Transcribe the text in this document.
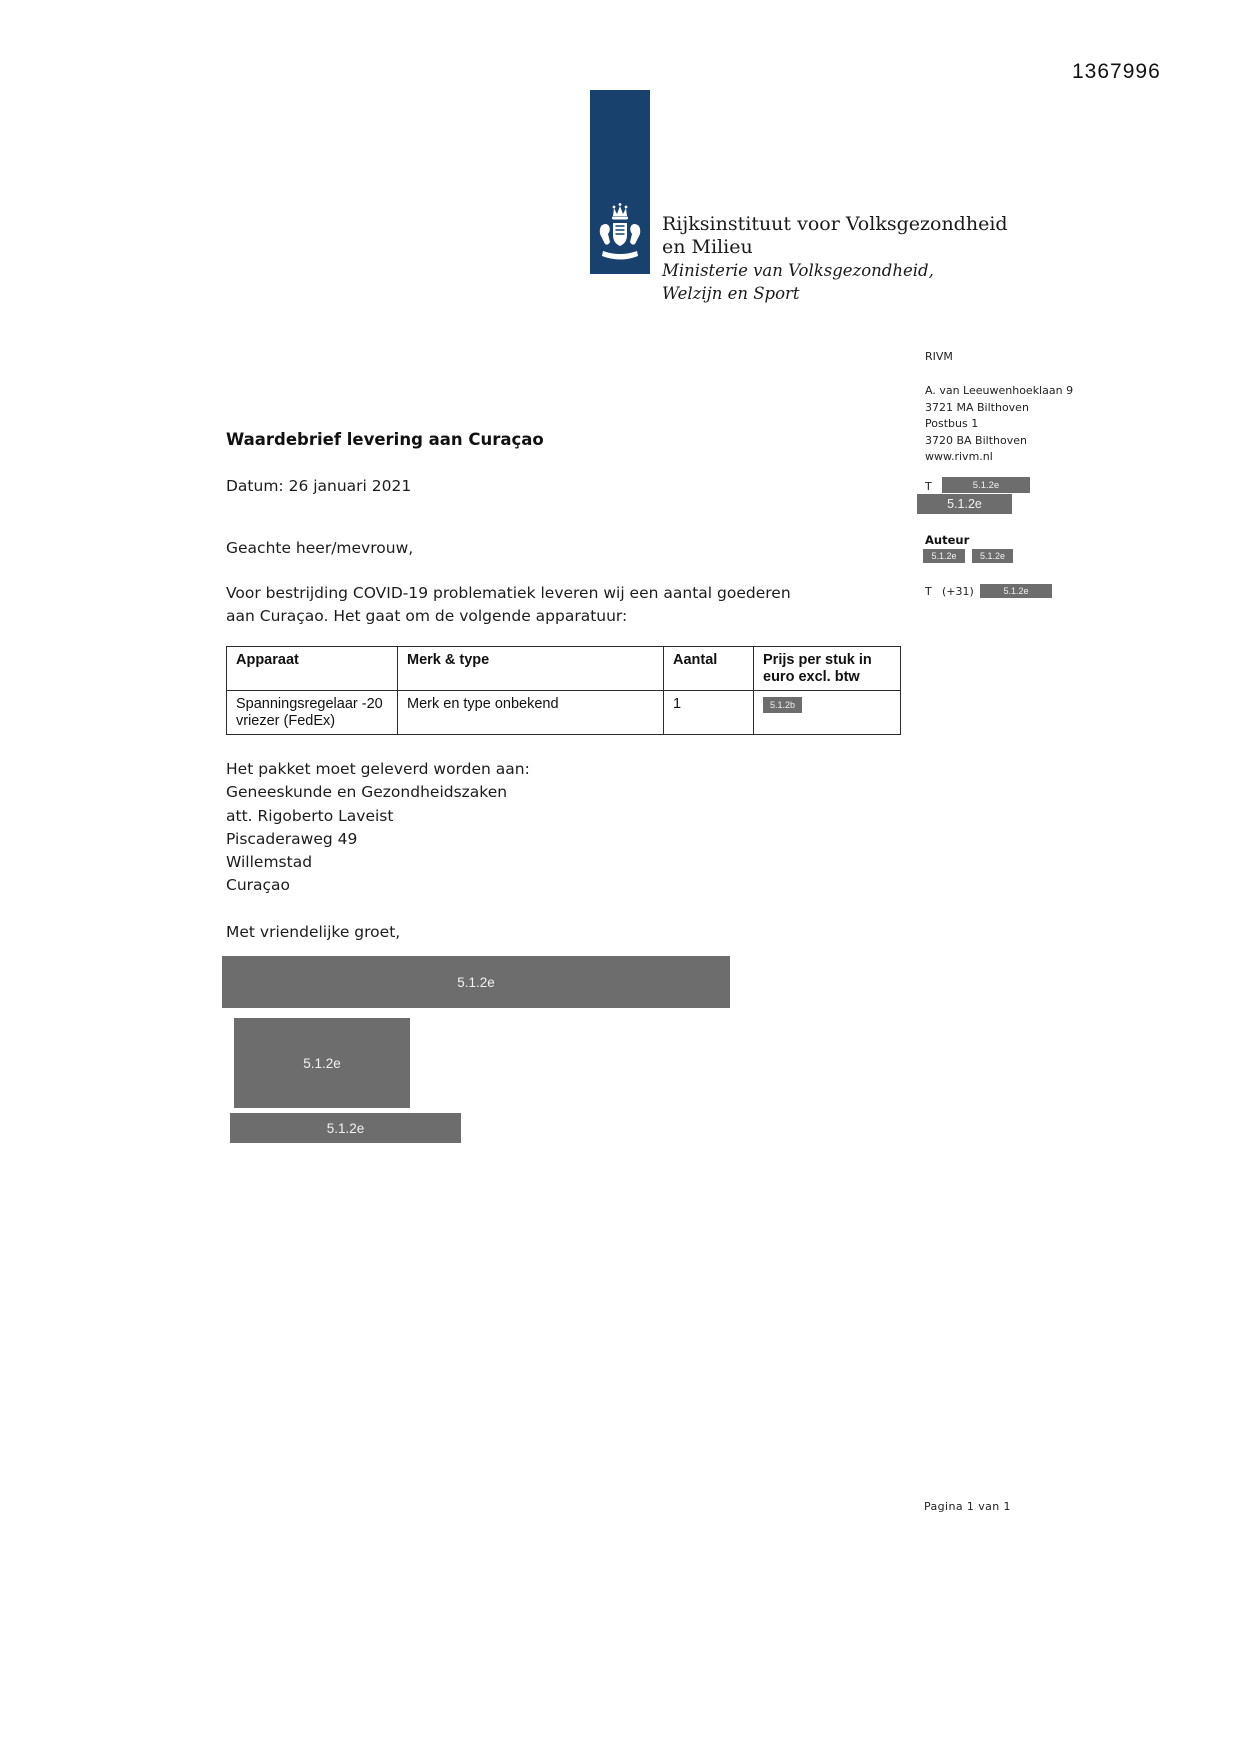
1367996
Rijksinstituut voor Volksgezondheid
en Milieu
Ministerie van Volksgezondheid,
Welzijn en Sport
RIVM
A. van Leeuwenhoeklaan 9
3721 MA Bilthoven
Postbus 1
3720 BA Bilthoven
www.rivm.nl
T	5.1.2e
5.1.2e
Auteur
5.1.2e	5.1.2e
T (+31)	5.1.2e
Waardebrief levering aan Curaçao
Datum: 26 januari 2021
Geachte heer/mevrouw,
Voor bestrijding COVID-19 problematiek leveren wij een aantal goederen
aan Curaçao. Het gaat om de volgende apparatuur:
Apparaat	Merk & type	Aantal	Prijs per stuk in euro excl. btw
Spanningsregelaar -20 vriezer (FedEx)	Merk en type onbekend	1	5.1.2b
Het pakket moet geleverd worden aan:
Geneeskunde en Gezondheidszaken
att. Rigoberto Laveist
Piscaderaweg 49
Willemstad
Curaçao
Met vriendelijke groet,
5.1.2e
5.1.2e
5.1.2e
Pagina 1 van 1
